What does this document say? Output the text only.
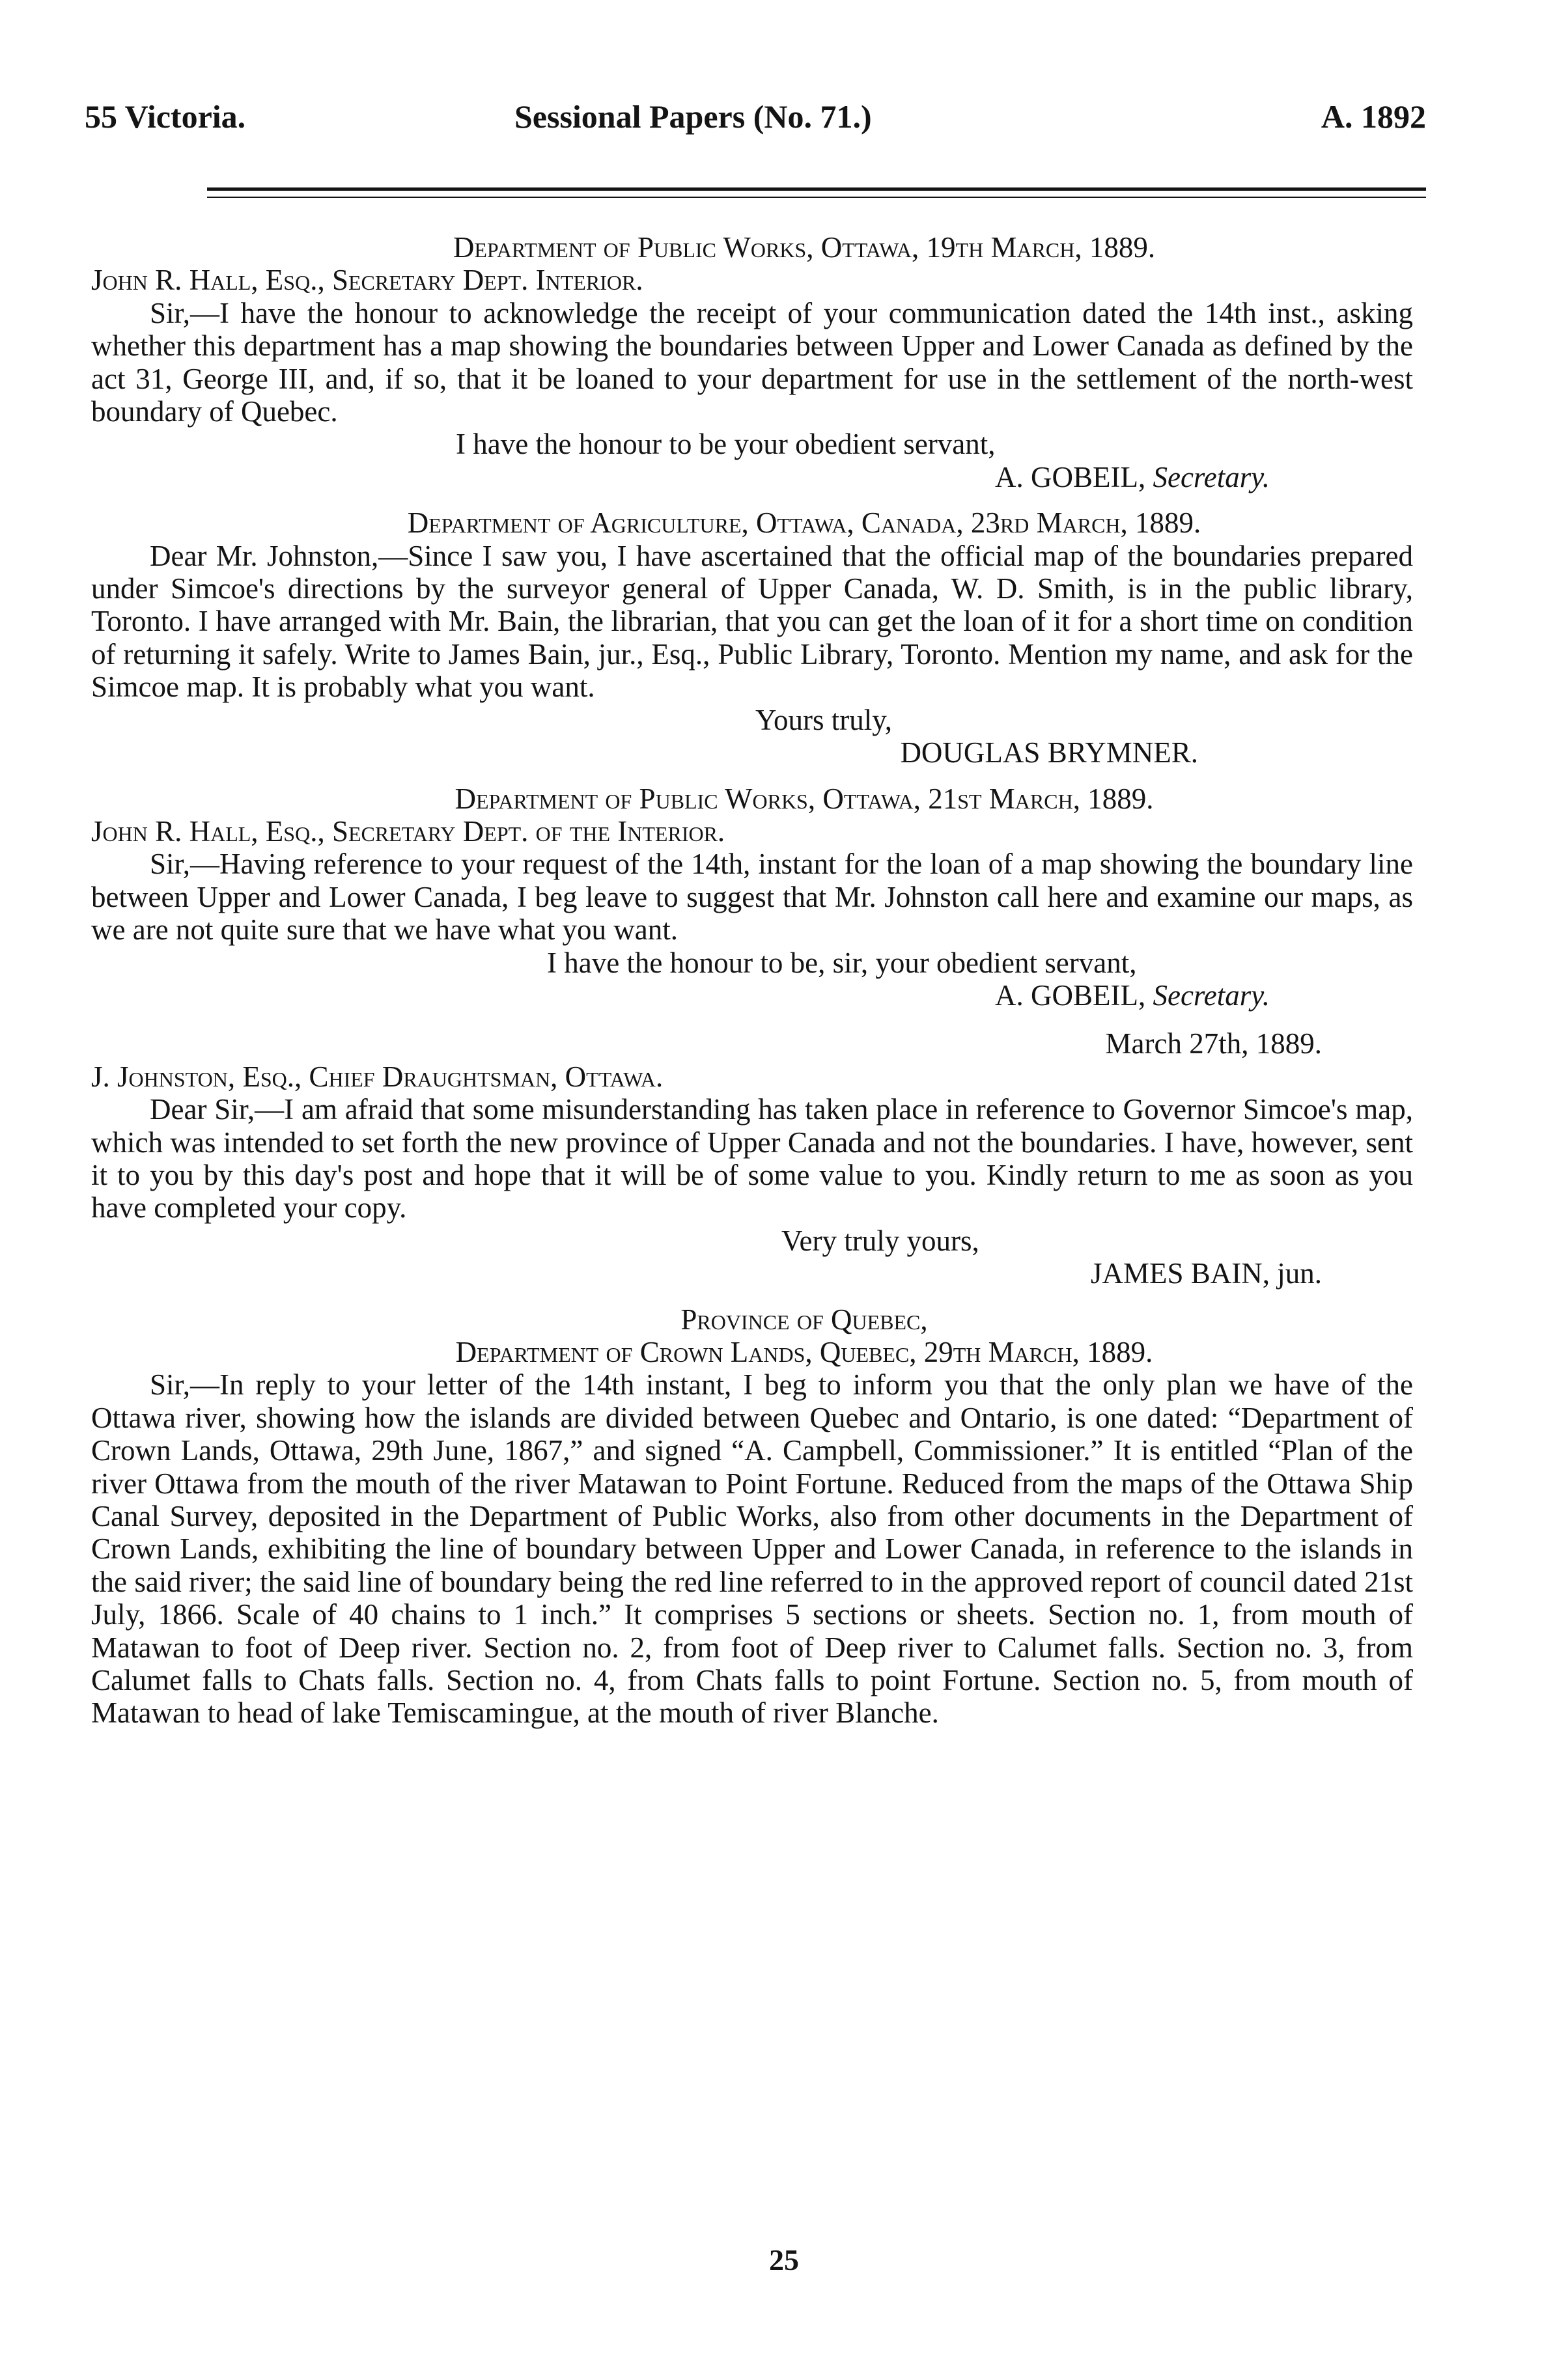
55 Victoria.	Sessional Papers (No. 71.)	A. 1892
Department of Public Works, Ottawa, 19th March, 1889.
John R. Hall, Esq., Secretary Dept. Interior.
Sir,—I have the honour to acknowledge the receipt of your communication dated the 14th inst., asking whether this department has a map showing the boundaries between Upper and Lower Canada as defined by the act 31, George III, and, if so, that it be loaned to your department for use in the settlement of the north-west boundary of Quebec.
I have the honour to be your obedient servant,
A. GOBEIL, Secretary.
Department of Agriculture, Ottawa, Canada, 23rd March, 1889.
Dear Mr. Johnston,—Since I saw you, I have ascertained that the official map of the boundaries prepared under Simcoe's directions by the surveyor general of Upper Canada, W. D. Smith, is in the public library, Toronto. I have arranged with Mr. Bain, the librarian, that you can get the loan of it for a short time on condition of returning it safely. Write to James Bain, jur., Esq., Public Library, Toronto. Mention my name, and ask for the Simcoe map. It is probably what you want.
Yours truly,
DOUGLAS BRYMNER.
Department of Public Works, Ottawa, 21st March, 1889.
John R. Hall, Esq., Secretary Dept. of the Interior.
Sir,—Having reference to your request of the 14th, instant for the loan of a map showing the boundary line between Upper and Lower Canada, I beg leave to suggest that Mr. Johnston call here and examine our maps, as we are not quite sure that we have what you want.
I have the honour to be, sir, your obedient servant,
A. GOBEIL, Secretary.
March 27th, 1889.
J. Johnston, Esq., Chief Draughtsman, Ottawa.
Dear Sir,—I am afraid that some misunderstanding has taken place in reference to Governor Simcoe's map, which was intended to set forth the new province of Upper Canada and not the boundaries. I have, however, sent it to you by this day's post and hope that it will be of some value to you. Kindly return to me as soon as you have completed your copy.
Very truly yours,
JAMES BAIN, jun.
Province of Quebec,
Department of Crown Lands, Quebec, 29th March, 1889.
Sir,—In reply to your letter of the 14th instant, I beg to inform you that the only plan we have of the Ottawa river, showing how the islands are divided between Quebec and Ontario, is one dated: “Department of Crown Lands, Ottawa, 29th June, 1867,” and signed “A. Campbell, Commissioner.” It is entitled “Plan of the river Ottawa from the mouth of the river Matawan to Point Fortune. Reduced from the maps of the Ottawa Ship Canal Survey, deposited in the Department of Public Works, also from other documents in the Department of Crown Lands, exhibiting the line of boundary between Upper and Lower Canada, in reference to the islands in the said river; the said line of boundary being the red line referred to in the approved report of council dated 21st July, 1866. Scale of 40 chains to 1 inch.” It comprises 5 sections or sheets. Section no. 1, from mouth of Matawan to foot of Deep river. Section no. 2, from foot of Deep river to Calumet falls. Section no. 3, from Calumet falls to Chats falls. Section no. 4, from Chats falls to point Fortune. Section no. 5, from mouth of Matawan to head of lake Temiscamingue, at the mouth of river Blanche.
25
